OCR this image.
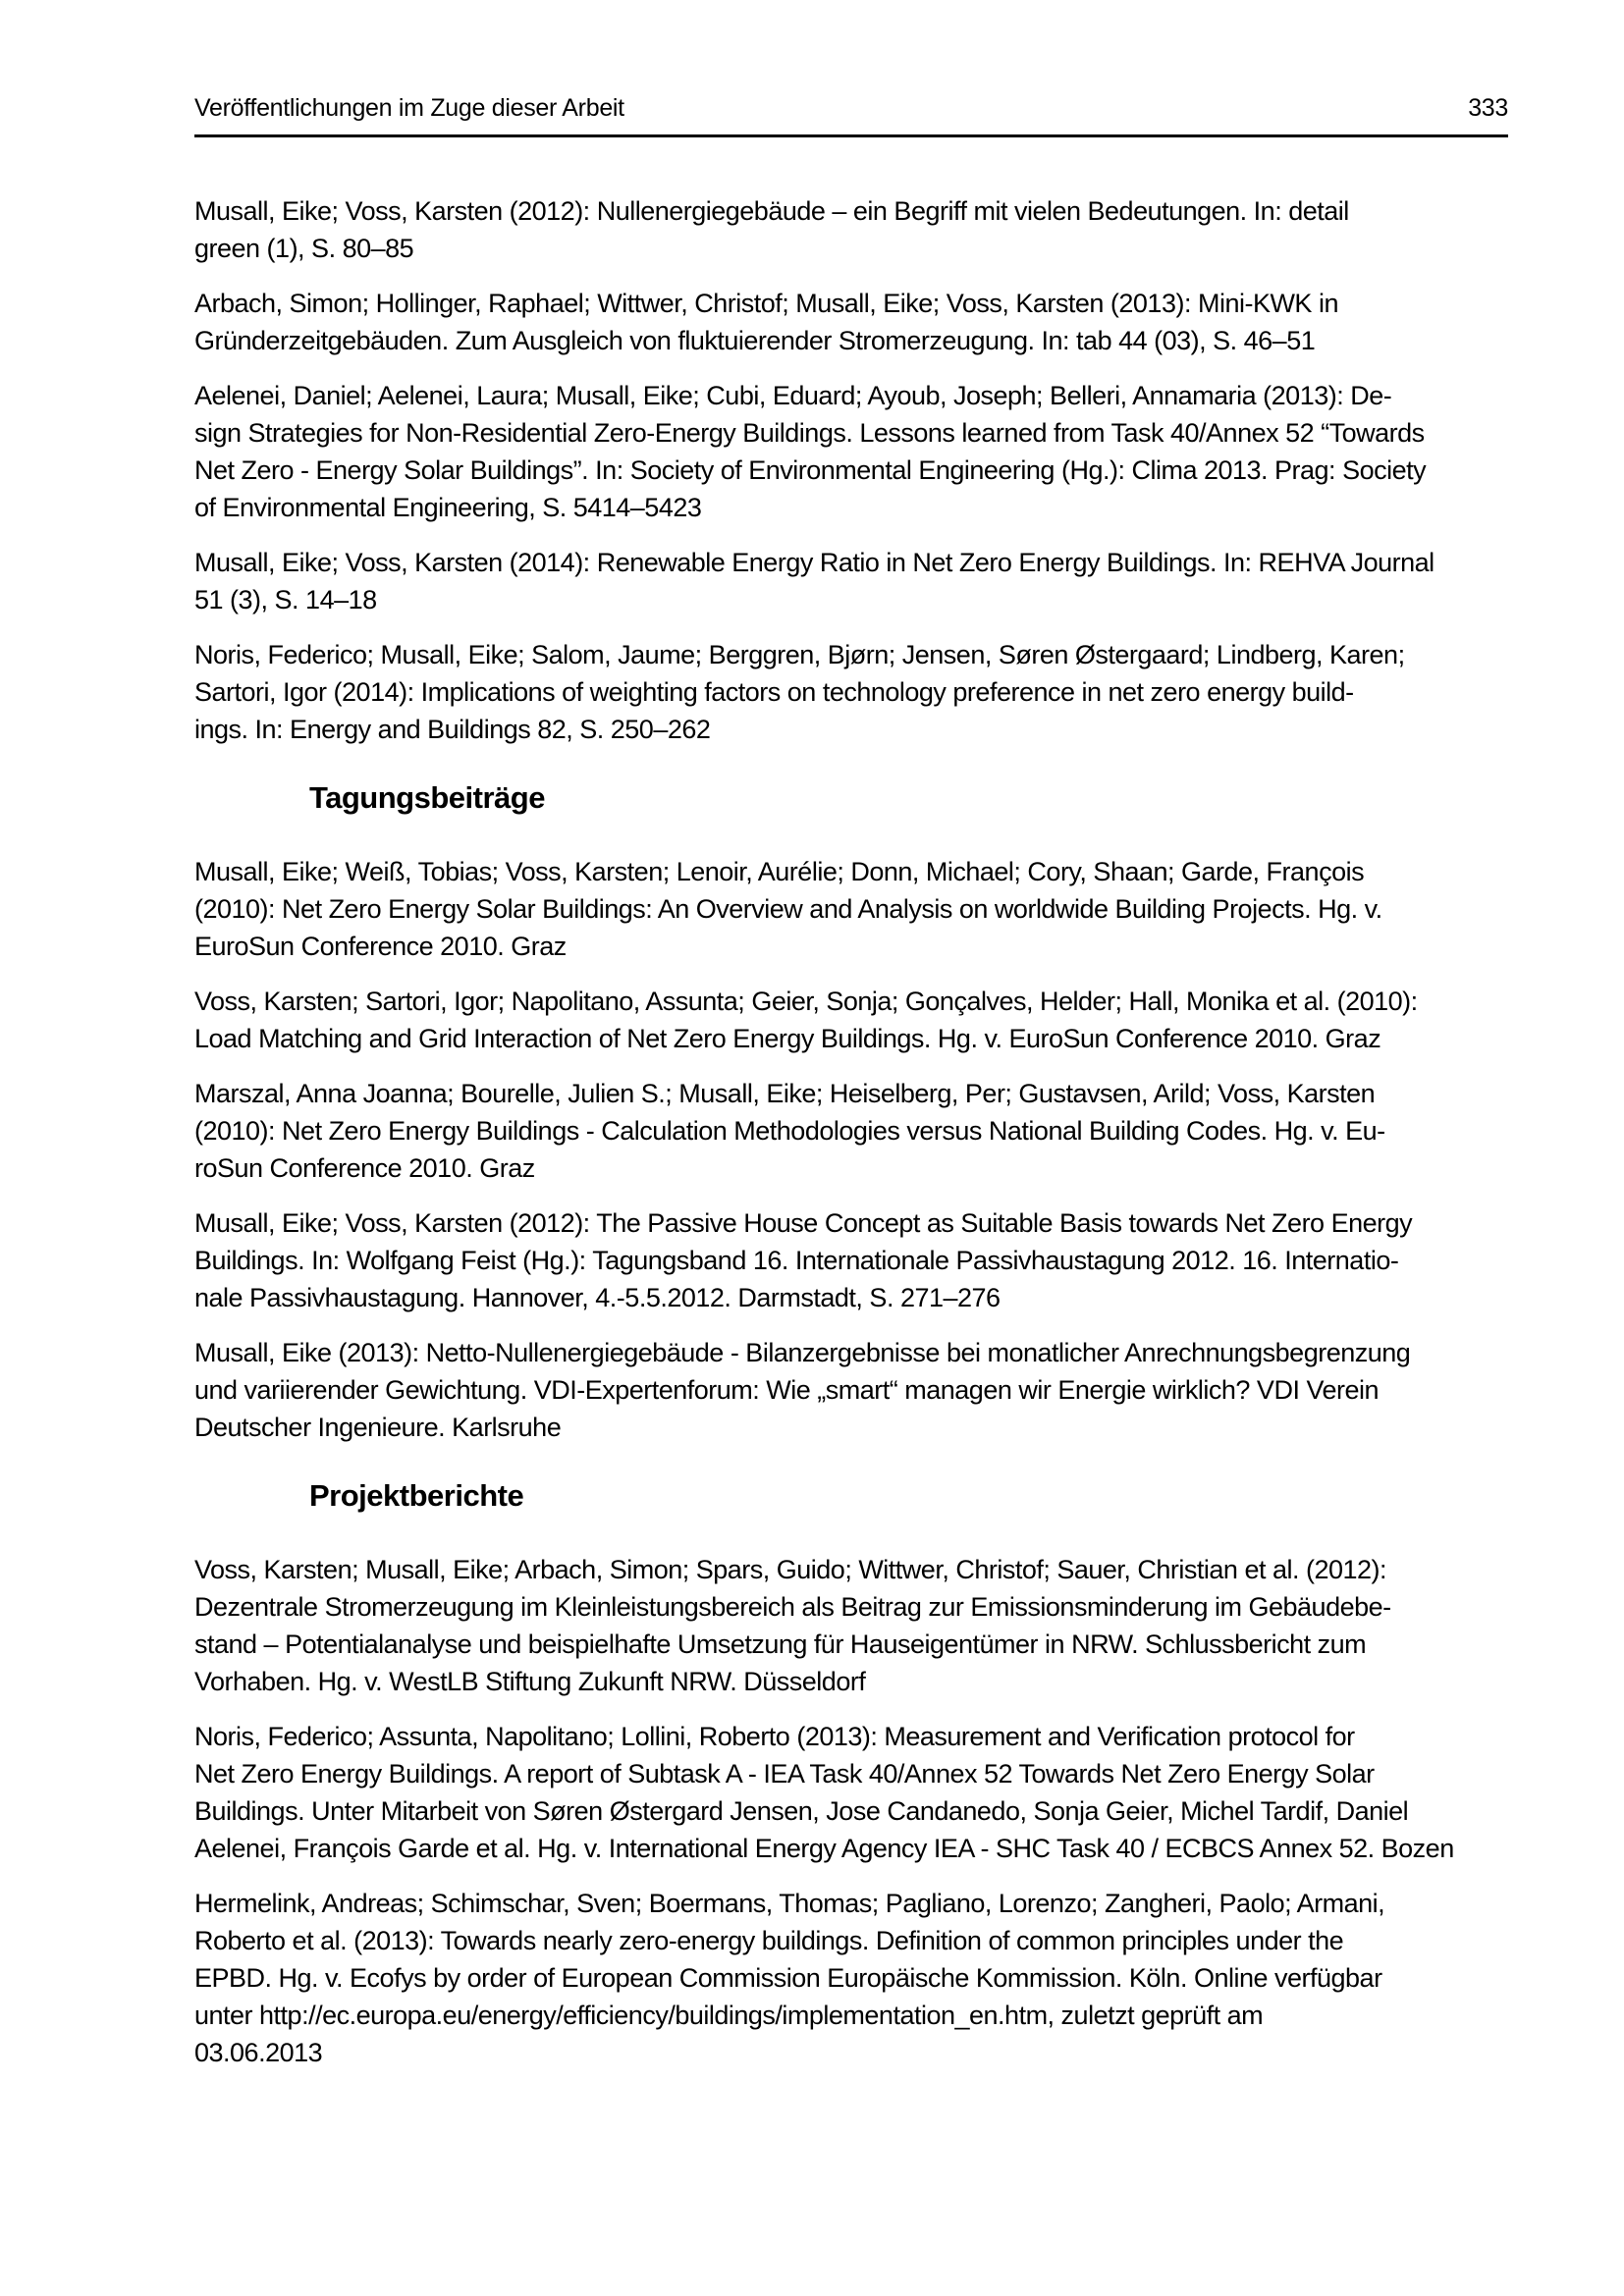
Veröffentlichungen im Zuge dieser Arbeit	333

Musall, Eike; Voss, Karsten (2012): Nullenergiegebäude – ein Begriff mit vielen Bedeutungen. In: detail
green (1), S. 80–85

Arbach, Simon; Hollinger, Raphael; Wittwer, Christof; Musall, Eike; Voss, Karsten (2013): Mini-KWK in
Gründerzeitgebäuden. Zum Ausgleich von fluktuierender Stromerzeugung. In: tab 44 (03), S. 46–51

Aelenei, Daniel; Aelenei, Laura; Musall, Eike; Cubi, Eduard; Ayoub, Joseph; Belleri, Annamaria (2013): De-
sign Strategies for Non-Residential Zero-Energy Buildings. Lessons learned from Task 40/Annex 52 “Towards
Net Zero - Energy Solar Buildings”. In: Society of Environmental Engineering (Hg.): Clima 2013. Prag: Society
of Environmental Engineering, S. 5414–5423

Musall, Eike; Voss, Karsten (2014): Renewable Energy Ratio in Net Zero Energy Buildings. In: REHVA Journal
51 (3), S. 14–18

Noris, Federico; Musall, Eike; Salom, Jaume; Berggren, Bjørn; Jensen, Søren Østergaard; Lindberg, Karen;
Sartori, Igor (2014): Implications of weighting factors on technology preference in net zero energy build-
ings. In: Energy and Buildings 82, S. 250–262

Tagungsbeiträge

Musall, Eike; Weiß, Tobias; Voss, Karsten; Lenoir, Aurélie; Donn, Michael; Cory, Shaan; Garde, François
(2010): Net Zero Energy Solar Buildings: An Overview and Analysis on worldwide Building Projects. Hg. v.
EuroSun Conference 2010. Graz

Voss, Karsten; Sartori, Igor; Napolitano, Assunta; Geier, Sonja; Gonçalves, Helder; Hall, Monika et al. (2010):
Load Matching and Grid Interaction of Net Zero Energy Buildings. Hg. v. EuroSun Conference 2010. Graz

Marszal, Anna Joanna; Bourelle, Julien S.; Musall, Eike; Heiselberg, Per; Gustavsen, Arild; Voss, Karsten
(2010): Net Zero Energy Buildings - Calculation Methodologies versus National Building Codes. Hg. v. Eu-
roSun Conference 2010. Graz

Musall, Eike; Voss, Karsten (2012): The Passive House Concept as Suitable Basis towards Net Zero Energy
Buildings. In: Wolfgang Feist (Hg.): Tagungsband 16. Internationale Passivhaustagung 2012. 16. Internatio-
nale Passivhaustagung. Hannover, 4.-5.5.2012. Darmstadt, S. 271–276

Musall, Eike (2013): Netto-Nullenergiegebäude - Bilanzergebnisse bei monatlicher Anrechnungsbegrenzung
und variierender Gewichtung. VDI-Expertenforum: Wie „smart“ managen wir Energie wirklich? VDI Verein
Deutscher Ingenieure. Karlsruhe

Projektberichte

Voss, Karsten; Musall, Eike; Arbach, Simon; Spars, Guido; Wittwer, Christof; Sauer, Christian et al. (2012):
Dezentrale Stromerzeugung im Kleinleistungsbereich als Beitrag zur Emissionsminderung im Gebäudebe-
stand – Potentialanalyse und beispielhafte Umsetzung für Hauseigentümer in NRW. Schlussbericht zum
Vorhaben. Hg. v. WestLB Stiftung Zukunft NRW. Düsseldorf

Noris, Federico; Assunta, Napolitano; Lollini, Roberto (2013): Measurement and Verification protocol for
Net Zero Energy Buildings. A report of Subtask A - IEA Task 40/Annex 52 Towards Net Zero Energy Solar
Buildings. Unter Mitarbeit von Søren Østergard Jensen, Jose Candanedo, Sonja Geier, Michel Tardif, Daniel
Aelenei, François Garde et al. Hg. v. International Energy Agency IEA - SHC Task 40 / ECBCS Annex 52. Bozen

Hermelink, Andreas; Schimschar, Sven; Boermans, Thomas; Pagliano, Lorenzo; Zangheri, Paolo; Armani,
Roberto et al. (2013): Towards nearly zero-energy buildings. Definition of common principles under the
EPBD. Hg. v. Ecofys by order of European Commission Europäische Kommission. Köln. Online verfügbar
unter http://ec.europa.eu/energy/efficiency/buildings/implementation_en.htm, zuletzt geprüft am
03.06.2013
